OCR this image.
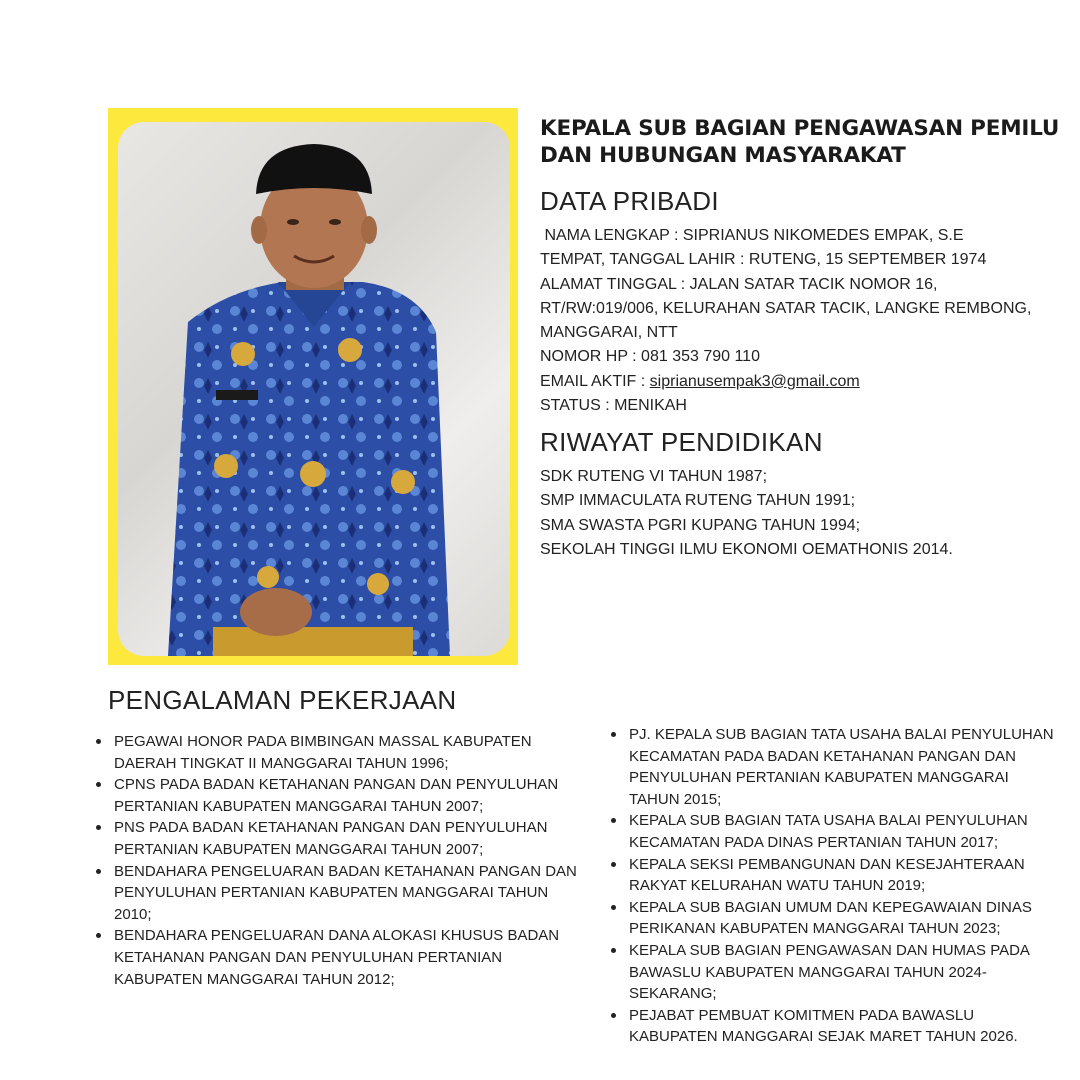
KEPALA SUB BAGIAN PENGAWASAN PEMILU
DAN HUBUNGAN MASYARAKAT
DATA PRIBADI
NAMA LENGKAP : SIPRIANUS NIKOMEDES EMPAK, S.E
TEMPAT, TANGGAL LAHIR : RUTENG, 15 SEPTEMBER 1974
ALAMAT TINGGAL : JALAN SATAR TACIK NOMOR 16,
RT/RW:019/006, KELURAHAN SATAR TACIK, LANGKE REMBONG,
MANGGARAI, NTT
NOMOR HP : 081 353 790 110
EMAIL AKTIF : siprianusempak3@gmail.com
STATUS : MENIKAH
RIWAYAT PENDIDIKAN
SDK RUTENG VI TAHUN 1987;
SMP IMMACULATA RUTENG TAHUN 1991;
SMA SWASTA PGRI KUPANG TAHUN 1994;
SEKOLAH TINGGI ILMU EKONOMI OEMATHONIS 2014.
PENGALAMAN PEKERJAAN
PEGAWAI HONOR PADA BIMBINGAN MASSAL KABUPATEN DAERAH TINGKAT II MANGGARAI TAHUN 1996;
CPNS PADA BADAN KETAHANAN PANGAN DAN PENYULUHAN PERTANIAN KABUPATEN MANGGARAI TAHUN 2007;
PNS PADA BADAN KETAHANAN PANGAN DAN PENYULUHAN PERTANIAN KABUPATEN MANGGARAI TAHUN 2007;
BENDAHARA PENGELUARAN BADAN KETAHANAN PANGAN DAN PENYULUHAN PERTANIAN KABUPATEN MANGGARAI TAHUN 2010;
BENDAHARA PENGELUARAN DANA ALOKASI KHUSUS BADAN KETAHANAN PANGAN DAN PENYULUHAN PERTANIAN KABUPATEN MANGGARAI TAHUN 2012;
PJ. KEPALA SUB BAGIAN TATA USAHA BALAI PENYULUHAN KECAMATAN PADA BADAN KETAHANAN PANGAN DAN PENYULUHAN PERTANIAN KABUPATEN MANGGARAI TAHUN 2015;
KEPALA SUB BAGIAN TATA USAHA BALAI PENYULUHAN KECAMATAN PADA DINAS PERTANIAN TAHUN 2017;
KEPALA SEKSI PEMBANGUNAN DAN KESEJAHTERAAN RAKYAT KELURAHAN WATU TAHUN 2019;
KEPALA SUB BAGIAN UMUM DAN KEPEGAWAIAN DINAS PERIKANAN KABUPATEN MANGGARAI TAHUN 2023;
KEPALA SUB BAGIAN PENGAWASAN DAN HUMAS PADA BAWASLU KABUPATEN MANGGARAI TAHUN 2024-SEKARANG;
PEJABAT PEMBUAT KOMITMEN PADA BAWASLU KABUPATEN MANGGARAI SEJAK MARET TAHUN 2026.
